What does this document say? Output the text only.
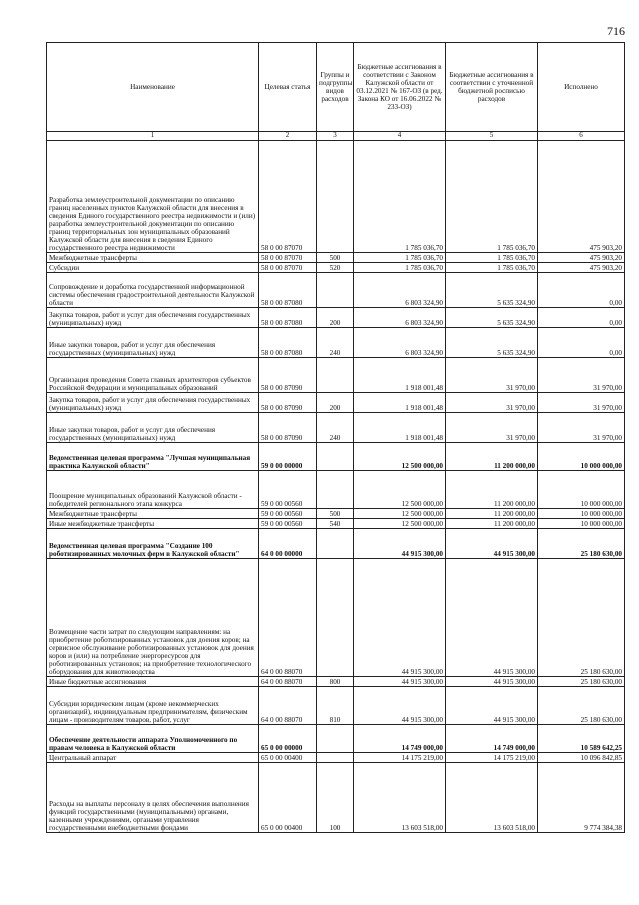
716
Наименование	Целевая статья	Группы и подгруппы видов расходов	Бюджетные ассигнования в соответствии с Законом Калужской области от 03.12.2021 № 167-ОЗ (в ред. Закона КО от 16.06.2022 № 233-ОЗ)	Бюджетные ассигнования в соответствии с уточненной бюджетной росписью расходов	Исполнено
1	2	3	4	5	6
Разработка землеустроительной документации по описанию границ населенных пунктов Калужской области для внесения в сведения Единого государственного реестра недвижимости и (или) разработка землеустроительной документации по описанию границ территориальных зон муниципальных образований Калужской области для внесения в сведения Единого государственного реестра недвижимости	58 0 00 87070		1 785 036,70	1 785 036,70	475 903,20
Межбюджетные трансферты	58 0 00 87070	500	1 785 036,70	1 785 036,70	475 903,20
Субсидии	58 0 00 87070	520	1 785 036,70	1 785 036,70	475 903,20
Сопровождение и доработка государственной информационной системы обеспечения градостроительной деятельности Калужской области	58 0 00 87080		6 803 324,90	5 635 324,90	0,00
Закупка товаров, работ и услуг для обеспечения государственных (муниципальных) нужд	58 0 00 87080	200	6 803 324,90	5 635 324,90	0,00
Иные закупки товаров, работ и услуг для обеспечения государственных (муниципальных) нужд	58 0 00 87080	240	6 803 324,90	5 635 324,90	0,00
Организация проведения Совета главных архитекторов субъектов Российской Федерации и муниципальных образований	58 0 00 87090		1 918 001,48	31 970,00	31 970,00
Закупка товаров, работ и услуг для обеспечения государственных (муниципальных) нужд	58 0 00 87090	200	1 918 001,48	31 970,00	31 970,00
Иные закупки товаров, работ и услуг для обеспечения государственных (муниципальных) нужд	58 0 00 87090	240	1 918 001,48	31 970,00	31 970,00
Ведомственная целевая программа "Лучшая муниципальная практика Калужской области"	59 0 00 00000		12 500 000,00	11 200 000,00	10 000 000,00
Поощрение муниципальных образований Калужской области - победителей регионального этапа конкурса	59 0 00 00560		12 500 000,00	11 200 000,00	10 000 000,00
Межбюджетные трансферты	59 0 00 00560	500	12 500 000,00	11 200 000,00	10 000 000,00
Иные межбюджетные трансферты	59 0 00 00560	540	12 500 000,00	11 200 000,00	10 000 000,00
Ведомственная целевая программа "Создание 100 роботизированных молочных ферм в Калужской области"	64 0 00 00000		44 915 300,00	44 915 300,00	25 180 630,00
Возмещение части затрат по следующим направлениям: на приобретение роботизированных установок для доения коров; на сервисное обслуживание роботизированных установок для доения коров и (или) на потребление энергоресурсов для роботизированных установок; на приобретение технологического оборудования для животноводства	64 0 00 88070		44 915 300,00	44 915 300,00	25 180 630,00
Иные бюджетные ассигнования	64 0 00 88070	800	44 915 300,00	44 915 300,00	25 180 630,00
Субсидии юридическим лицам (кроме некоммерческих организаций), индивидуальным предпринимателям, физическим лицам - производителям товаров, работ, услуг	64 0 00 88070	810	44 915 300,00	44 915 300,00	25 180 630,00
Обеспечение деятельности аппарата Уполномоченного по правам человека в Калужской области	65 0 00 00000		14 749 000,00	14 749 000,00	10 589 642,25
Центральный аппарат	65 0 00 00400		14 175 219,00	14 175 219,00	10 096 842,85
Расходы на выплаты персоналу в целях обеспечения выполнения функций государственными (муниципальными) органами, казенными учреждениями, органами управления государственными внебюджетными фондами	65 0 00 00400	100	13 603 518,00	13 603 518,00	9 774 384,38
